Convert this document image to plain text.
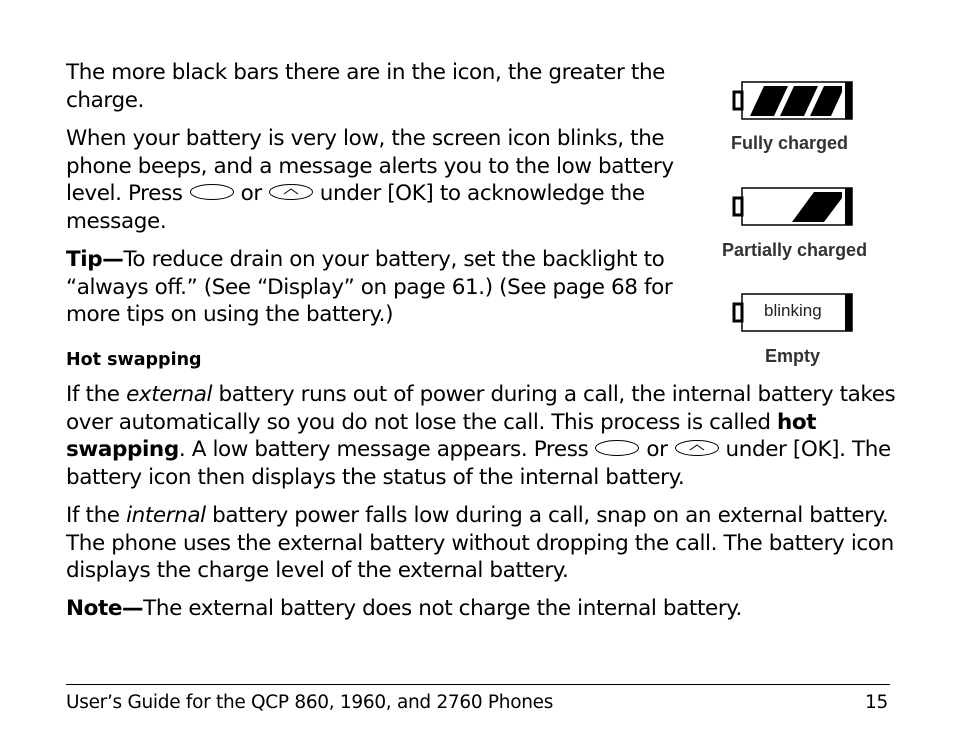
The more black bars there are in the icon, the greater the charge.

When your battery is very low, the screen icon blinks, the phone beeps, and a message alerts you to the low battery level. Press	or	under [OK] to acknowledge the message.

Tip—To reduce drain on your battery, set the backlight to “always off.” (See “Display” on page 61.) (See page 68 for more tips on using the battery.)

Hot swapping

If the external battery runs out of power during a call, the internal battery takes over automatically so you do not lose the call. This process is called hot swapping. A low battery message appears. Press	or	under [OK]. The battery icon then displays the status of the internal battery.

If the internal battery power falls low during a call, snap on an external battery. The phone uses the external battery without dropping the call. The battery icon displays the charge level of the external battery.

Note—The external battery does not charge the internal battery.

Fully charged
Partially charged
blinking
Empty
User’s Guide for the QCP 860, 1960, and 2760 Phones	15
